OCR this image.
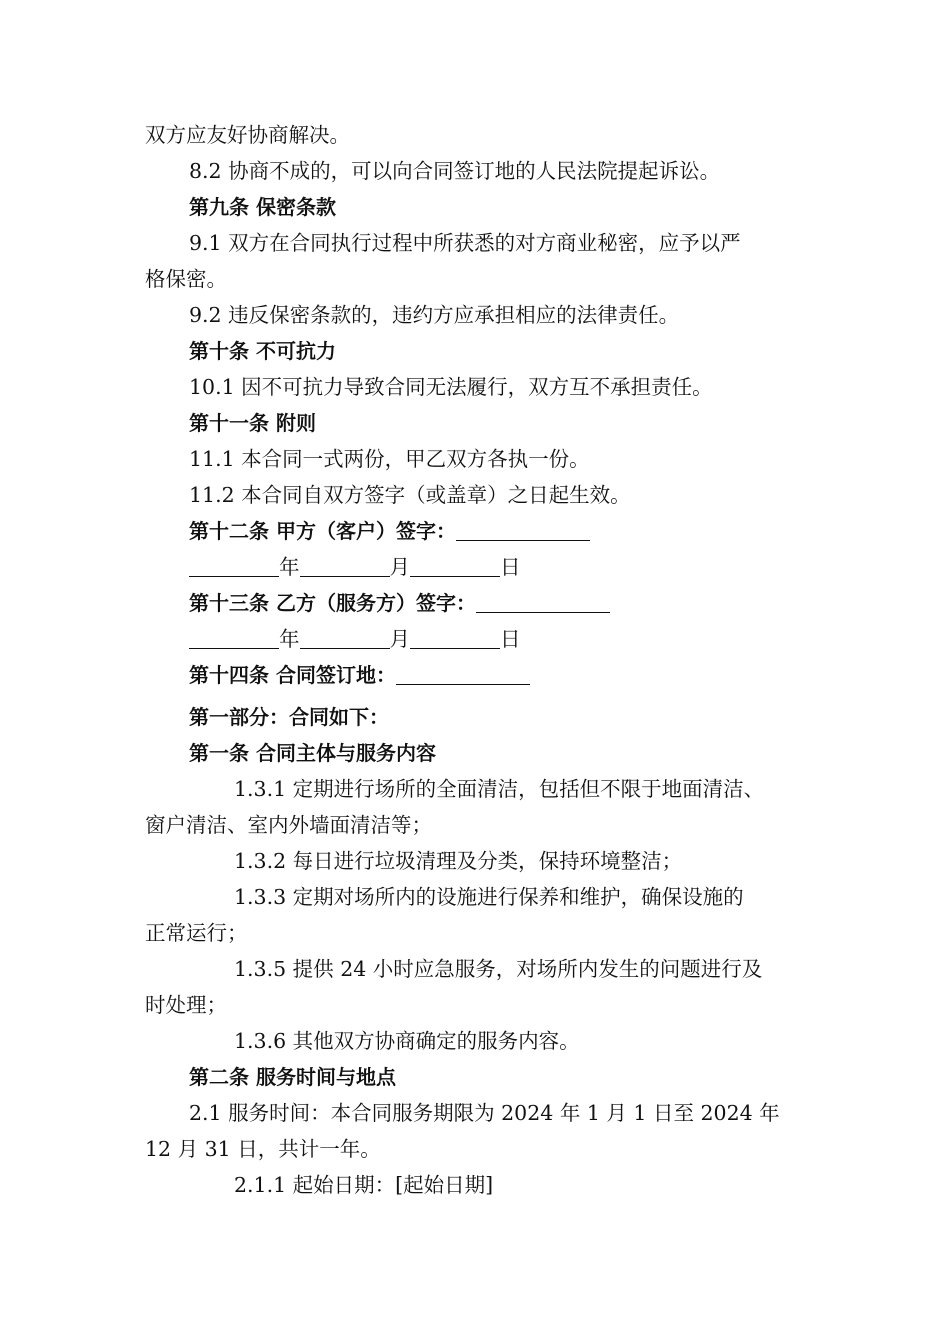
双方应友好协商解决。
8.2 协商不成的，可以向合同签订地的人民法院提起诉讼。
第九条 保密条款
9.1 双方在合同执行过程中所获悉的对方商业秘密，应予以严
格保密。
9.2 违反保密条款的，违约方应承担相应的法律责任。
第十条 不可抗力
10.1 因不可抗力导致合同无法履行，双方互不承担责任。
第十一条 附则
11.1 本合同一式两份，甲乙双方各执一份。
11.2 本合同自双方签字（或盖章）之日起生效。
第十二条 甲方（客户）签字：
年	月	日
第十三条 乙方（服务方）签字：
年	月	日
第十四条 合同签订地：
第一部分：合同如下：
第一条 合同主体与服务内容
1.3.1 定期进行场所的全面清洁，包括但不限于地面清洁、
窗户清洁、室内外墙面清洁等；
1.3.2 每日进行垃圾清理及分类，保持环境整洁；
1.3.3 定期对场所内的设施进行保养和维护，确保设施的
正常运行；
1.3.5 提供 24 小时应急服务，对场所内发生的问题进行及
时处理；
1.3.6 其他双方协商确定的服务内容。
第二条 服务时间与地点
2.1 服务时间：本合同服务期限为 2024 年 1 月 1 日至 2024 年
12 月 31 日，共计一年。
2.1.1 起始日期：[起始日期]
